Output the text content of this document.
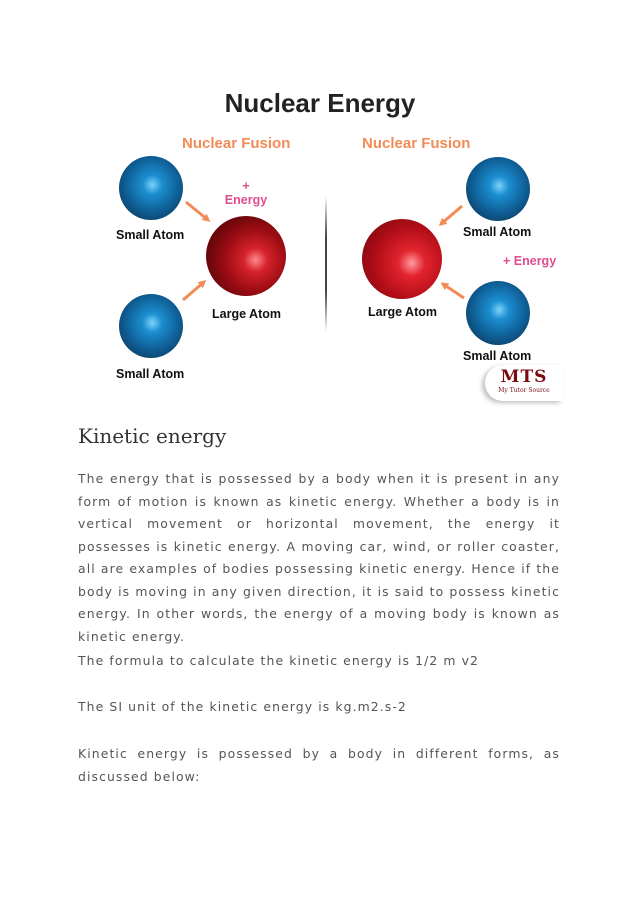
Nuclear Energy
Nuclear Fusion
Small Atom
Small Atom
Large Atom
+
Energy
Nuclear Fusion
Large Atom
Small Atom
Small Atom
+ Energy
MTS
My Tutor Source
Kinetic energy

The energy that is possessed by a body when it is present in any form of motion is known as kinetic energy. Whether a body is in vertical movement or horizontal movement, the energy it possesses is kinetic energy. A moving car, wind, or roller coaster, all are examples of bodies possessing kinetic energy. Hence if the body is moving in any given direction, it is said to possess kinetic energy. In other words, the energy of a moving body is known as kinetic energy.

The formula to calculate the kinetic energy is 1/2 m v2

The SI unit of the kinetic energy is kg.m2.s-2

Kinetic energy is possessed by a body in different forms, as discussed below:
